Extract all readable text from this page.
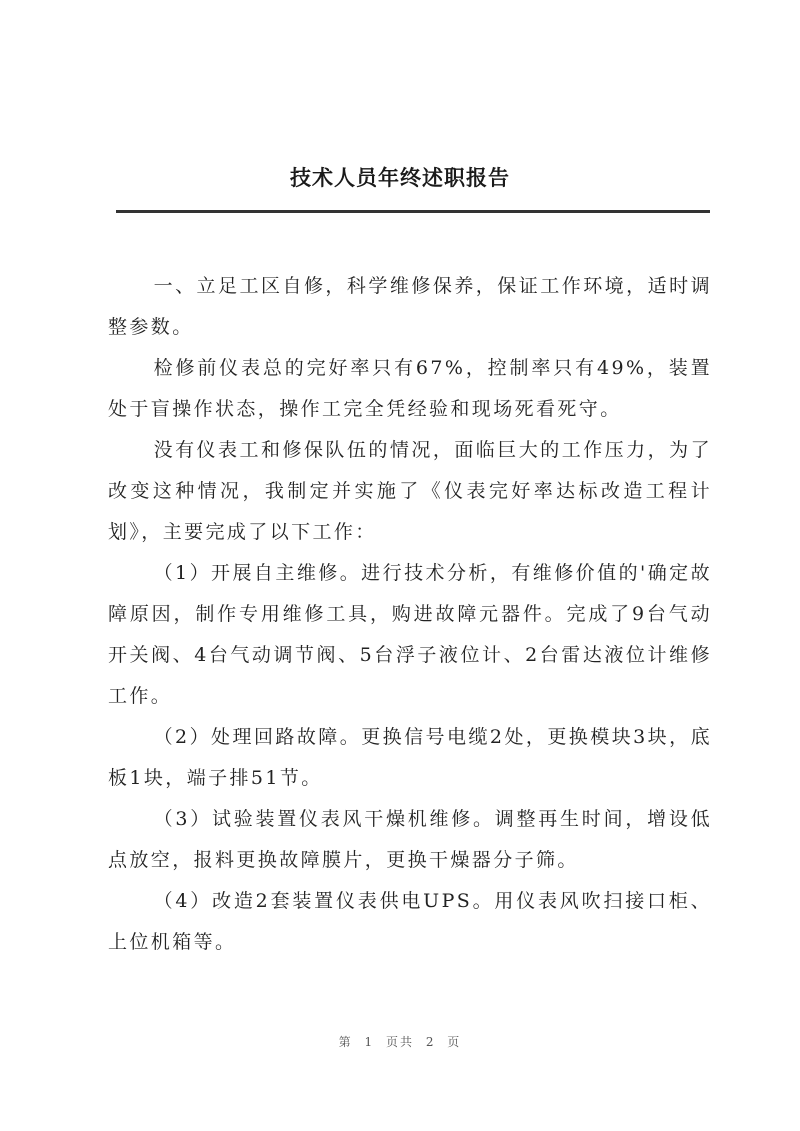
技术人员年终述职报告

一、立足工区自修，科学维修保养，保证工作环境，适时调整参数。

检修前仪表总的完好率只有67%，控制率只有49%，装置处于盲操作状态，操作工完全凭经验和现场死看死守。

没有仪表工和修保队伍的情况，面临巨大的工作压力，为了改变这种情况，我制定并实施了《仪表完好率达标改造工程计划》，主要完成了以下工作：

（1）开展自主维修。进行技术分析，有维修价值的'确定故障原因，制作专用维修工具，购进故障元器件。完成了9台气动开关阀、4台气动调节阀、5台浮子液位计、2台雷达液位计维修工作。

（2）处理回路故障。更换信号电缆2处，更换模块3块，底板1块，端子排51节。

（3）试验装置仪表风干燥机维修。调整再生时间，增设低点放空，报料更换故障膜片，更换干燥器分子筛。

（4）改造2套装置仪表供电UPS。用仪表风吹扫接口柜、上位机箱等。

第 1 页共 2 页
